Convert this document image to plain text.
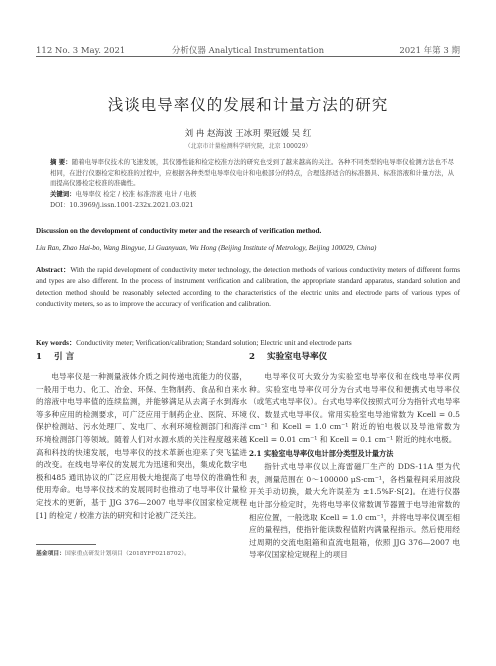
112 No. 3 May. 2021	分析仪器 Analytical Instrumentation	2021 年第 3 期
浅谈电导率仪的发展和计量方法的研究
刘 冉 赵海波 王冰玥 栗冠媛 吴 红
（北京市计量检测科学研究院，北京 100029）
摘 要：随着电导率仪技术的飞速发展，其仪器性能和检定校准方法的研究也受到了越来越高的关注。各种不同类型的电导率仪检测方法也不尽相同，在进行仪器检定和校准的过程中，应根据各种类型电导率仪电计和电极部分的特点，合理选择适合的标准器具、标准溶液和计量方法，从而提高仪器检定校准的准确性。
关键词：电导率仪 检定 / 校准 标准溶液 电计 / 电极
DOI：10.3969/j.issn.1001-232x.2021.03.021
Discussion on the development of conductivity meter and the research of verification method.
Liu Ran, Zhao Hai-bo, Wang Bingyue, Li Guanyuan, Wu Hong (Beijing Institute of Metrology, Beijing 100029, China)
Abstract：With the rapid development of conductivity meter technology, the detection methods of various conductivity meters of different forms and types are also different. In the process of instrument verification and calibration, the appropriate standard apparatus, standard solution and detection method should be reasonably selected according to the characteristics of the electric units and electrode parts of various types of conductivity meters, so as to improve the accuracy of verification and calibration.
Key words：Conductivity meter; Verification/calibration; Standard solution; Electric unit and electrode parts
1 引 言

电导率仪是一种测量液体介质之间传递电流能力的仪器，一般用于电力、化工、冶金、环保、生物制药、食品和自来水的溶液中电导率值的连续监测，并能够满足从去离子水到海水等多种应用的检测要求，可广泛应用于制药企业、医院、环境保护检测站、污水处理厂、发电厂、水利环境检测部门和海洋环境检测部门等领域。随着人们对水源水质的关注程度越来越高和科技的快速发展，电导率仪的技术革新也迎来了突飞猛进的改变。在线电导率仪的发展尤为迅速和突出，集成化数字电极和485 通讯协议的广泛应用极大地提高了电导仪的准确性和使用寿命。电导率仪技术的发展同时也推动了电导率仪计量检定技术的更新，基于 JJG 376—2007 电导率仪国家检定规程[1] 的检定 / 校准方法的研究和讨论被广泛关注。

2 实验室电导率仪

电导率仪可大致分为实验室电导率仪和在线电导率仪两种。实验室电导率仪可分为台式电导率仪和便携式电导率仪（或笔式电导率仪）。台式电导率仪按照式可分为指针式电导率仪、数显式电导率仪。常用实验室电导池常数为 Kcell = 0.5 cm⁻¹ 和 Kcell = 1.0 cm⁻¹ 附近的铂电极以及导池常数为 Kcell = 0.01 cm⁻¹ 和 Kcell = 0.1 cm⁻¹ 附近的纯水电极。

2.1 实验室电导率仪电计部分类型及计量方法

指针式电导率仪以上海雷磁厂生产的 DDS-11A 型为代表，测量范围在 0～100000 μS·cm⁻¹，各档量程间采用波段开关手动切换，最大允许误差为 ±1.5%F·S[2]。在进行仪器电计部分检定时，先将电导率仪常数调节器置于电导池常数的相应位置，一般选取 Kcell = 1.0 cm⁻¹，并将电导率仪调至相应的量程挡，使指针能读数程值附内满量程指示。然后使用经过周期的交流电阻箱和直流电阻箱，依照 JJG 376—2007 电导率仪国家检定规程上的项目

基金项目：国家重点研发计划项目（2018YFF0218702）。
